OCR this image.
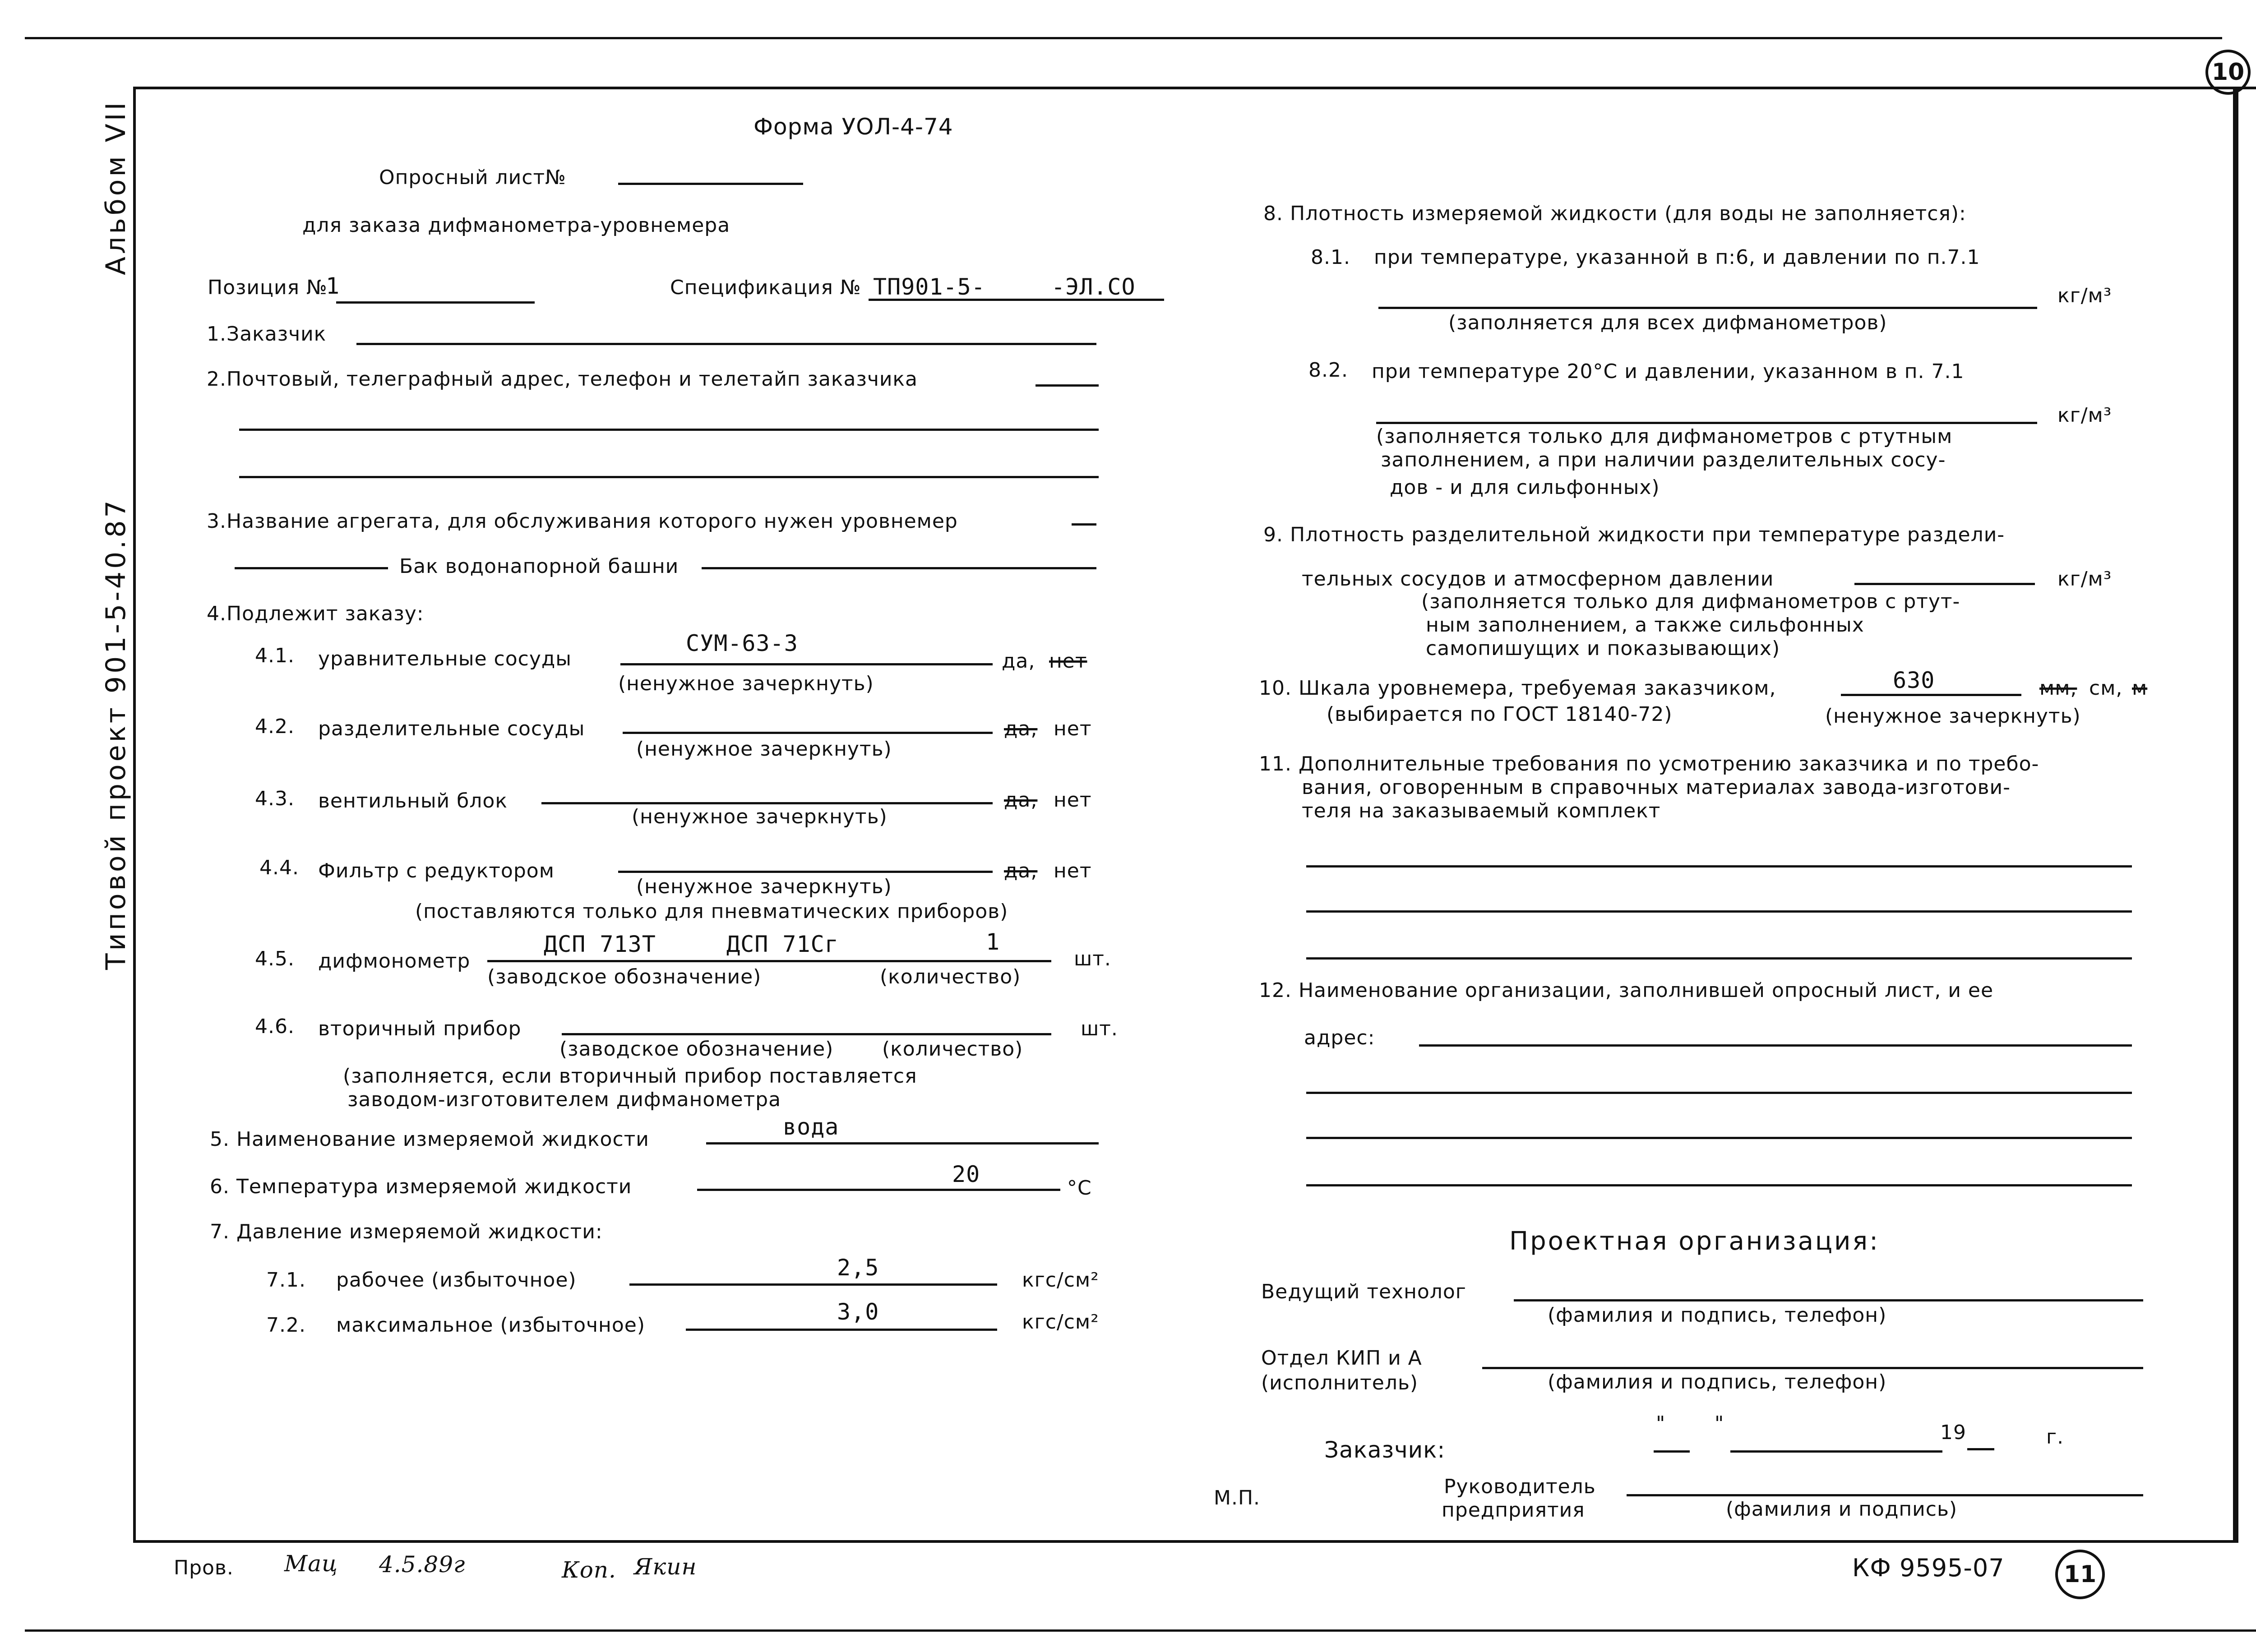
10
11
Альбом VII
Типовой проект 901-5-40.87
Форма УОЛ-4-74
Опросный лист№
для заказа дифманометра-уровнемера
Позиция №
1	Спецификация № ТП901-5-	-ЭЛ.СО
1.Заказчик
2.Почтовый, телеграфный адрес, телефон и телетайп заказчика
3.Название агрегата, для обслуживания которого нужен уровнемер
Бак водонапорной башни
4.Подлежит заказу:
4.1. уравнительные сосуды
СУМ-63-3
да, нет
(ненужное зачеркнуть)
4.2. разделительные сосуды	да, нет
(ненужное зачеркнуть)
4.3. вентильный блок	да, нет
(ненужное зачеркнуть)
4.4. Фильтр с редуктором	да, нет
(ненужное зачеркнуть)
(поставляются только для пневматических приборов)
4.5. дифмонометр
ДСП 713Т	ДСП 71Сг	1
(заводское обозначение)	(количество)
шт.
4.6. вторичный прибор
(заводское обозначение) (количество)
шт.
(заполняется, если вторичный прибор поставляется
заводом-изготовителем дифманометра
5. Наименование измеряемой жидкости	вода
6. Температура измеряемой жидкости	20
°С
7. Давление измеряемой жидкости:
7.1. рабочее (избыточное)	2,5	кгс/см²
7.2. максимальное (избыточное)
3,0	кгс/см²
8. Плотность измеряемой жидкости (для воды не заполняется):
8.1. при температуре, указанной в п:6, и давлении по п.7.1
кг/м³
(заполняется для всех дифманометров)
8.2. при температуре 20°С и давлении, указанном в п. 7.1
кг/м³
(заполняется только для дифманометров с ртутным
заполнением, а при наличии разделительных сосу-
дов - и для сильфонных)
9. Плотность разделительной жидкости при температуре раздели-
тельных сосудов и атмосферном давлении	кг/м³
(заполняется только для дифманометров с ртут-
ным заполнением, а также сильфонных
самопишущих и показывающих)
10. Шкала уровнемера, требуемая заказчиком,	630	мм, см, м
(выбирается по ГОСТ 18140-72)	(ненужное зачеркнуть)
11. Дополнительные требования по усмотрению заказчика и по требо-
вания, оговоренным в справочных материалах завода-изготови-
теля на заказываемый комплект
12. Наименование организации, заполнившей опросный лист, и ее
адрес:
Проектная организация:
Ведущий технолог
(фамилия и подпись, телефон)
Отдел КИП и А
(исполнитель)	(фамилия и подпись, телефон)
Заказчик:
" "	19	г.
М.П.	Руководитель
предприятия	(фамилия и подпись)
Пров. Мац 4.5.89г	Коп. Якин	КФ 9595-07
